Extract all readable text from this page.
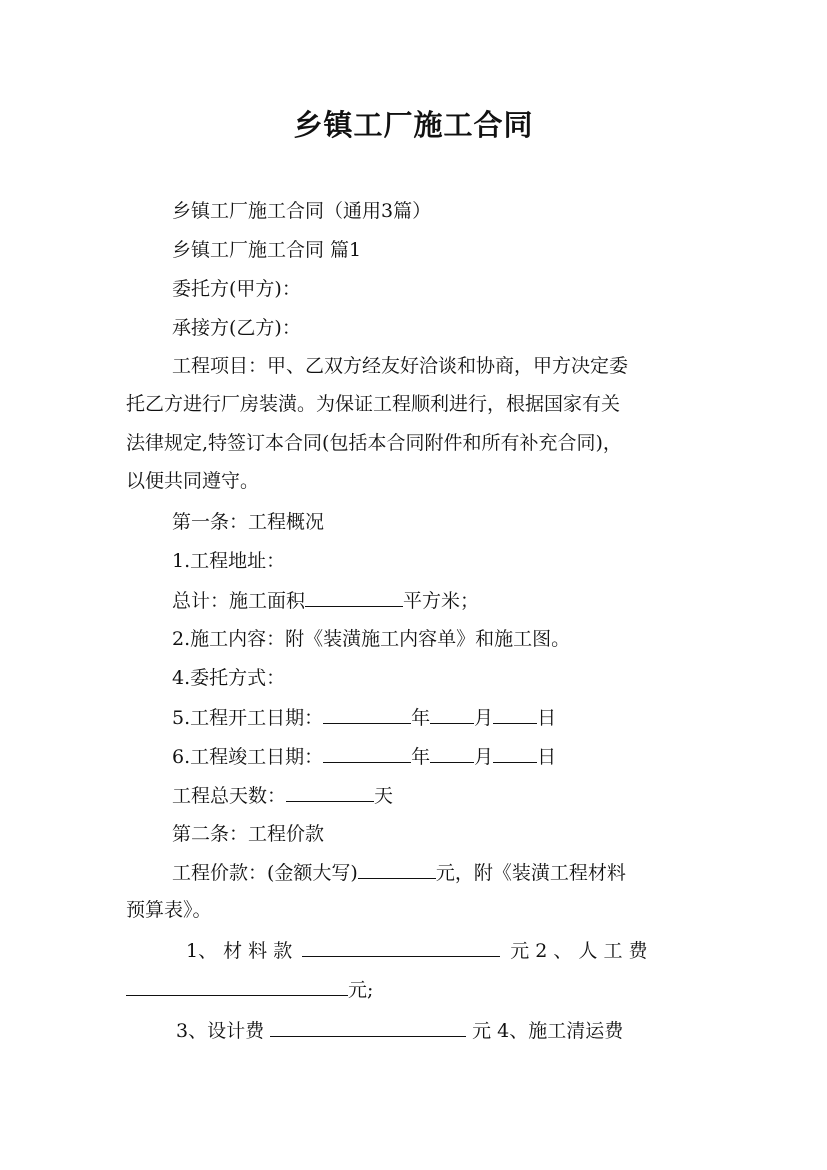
乡镇工厂施工合同
乡镇工厂施工合同（通用3篇）
乡镇工厂施工合同 篇1
委托方(甲方)：
承接方(乙方)：
工程项目：甲、乙双方经友好洽谈和协商，甲方决定委
托乙方进行厂房装潢。为保证工程顺利进行，根据国家有关
法律规定,特签订本合同(包括本合同附件和所有补充合同)，
以便共同遵守。
第一条：工程概况
1.工程地址：
总计：施工面积	平方米；
2.施工内容：附《装潢施工内容单》和施工图。
4.委托方式：
5.工程开工日期：	年 月 日
6.工程竣工日期：	年 月 日
工程总天数：	天
第二条：工程价款
工程价款：(金额大写)	元，附《装潢工程材料
预算表》。
1、 材 料 款	元 2 、 人 工 费
元;
3、设计费	元 4、施工清运费
